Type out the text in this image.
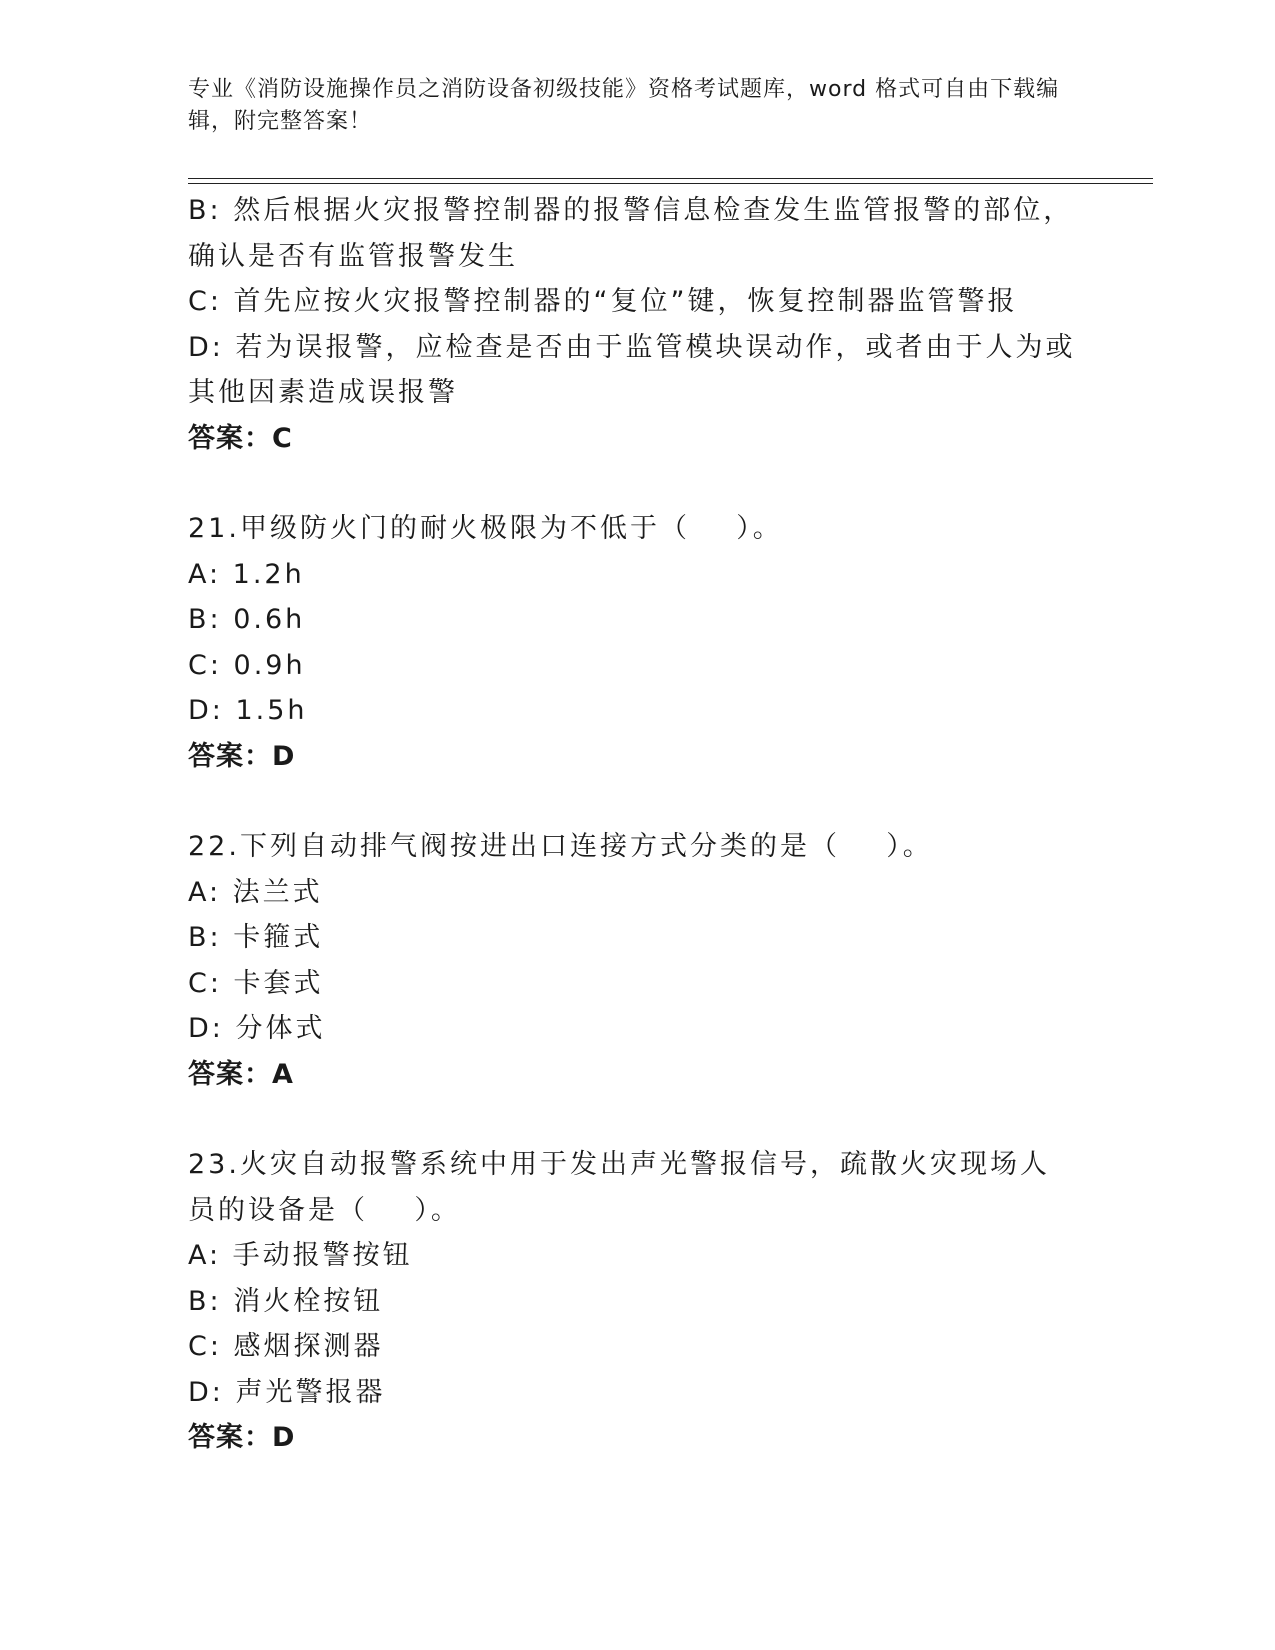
专业《消防设施操作员之消防设备初级技能》资格考试题库，word 格式可自由下载编辑，附完整答案！
B: 然后根据火灾报警控制器的报警信息检查发生监管报警的部位，确认是否有监管报警发生
C: 首先应按火灾报警控制器的“复位”键，恢复控制器监管警报
D: 若为误报警，应检查是否由于监管模块误动作，或者由于人为或其他因素造成误报警
答案：C
21.甲级防火门的耐火极限为不低于（    ）。
A: 1.2h
B: 0.6h
C: 0.9h
D: 1.5h
答案：D
22.下列自动排气阀按进出口连接方式分类的是（    ）。
A: 法兰式
B: 卡箍式
C: 卡套式
D: 分体式
答案：A
23.火灾自动报警系统中用于发出声光警报信号，疏散火灾现场人员的设备是（    ）。
A: 手动报警按钮
B: 消火栓按钮
C: 感烟探测器
D: 声光警报器
答案：D
